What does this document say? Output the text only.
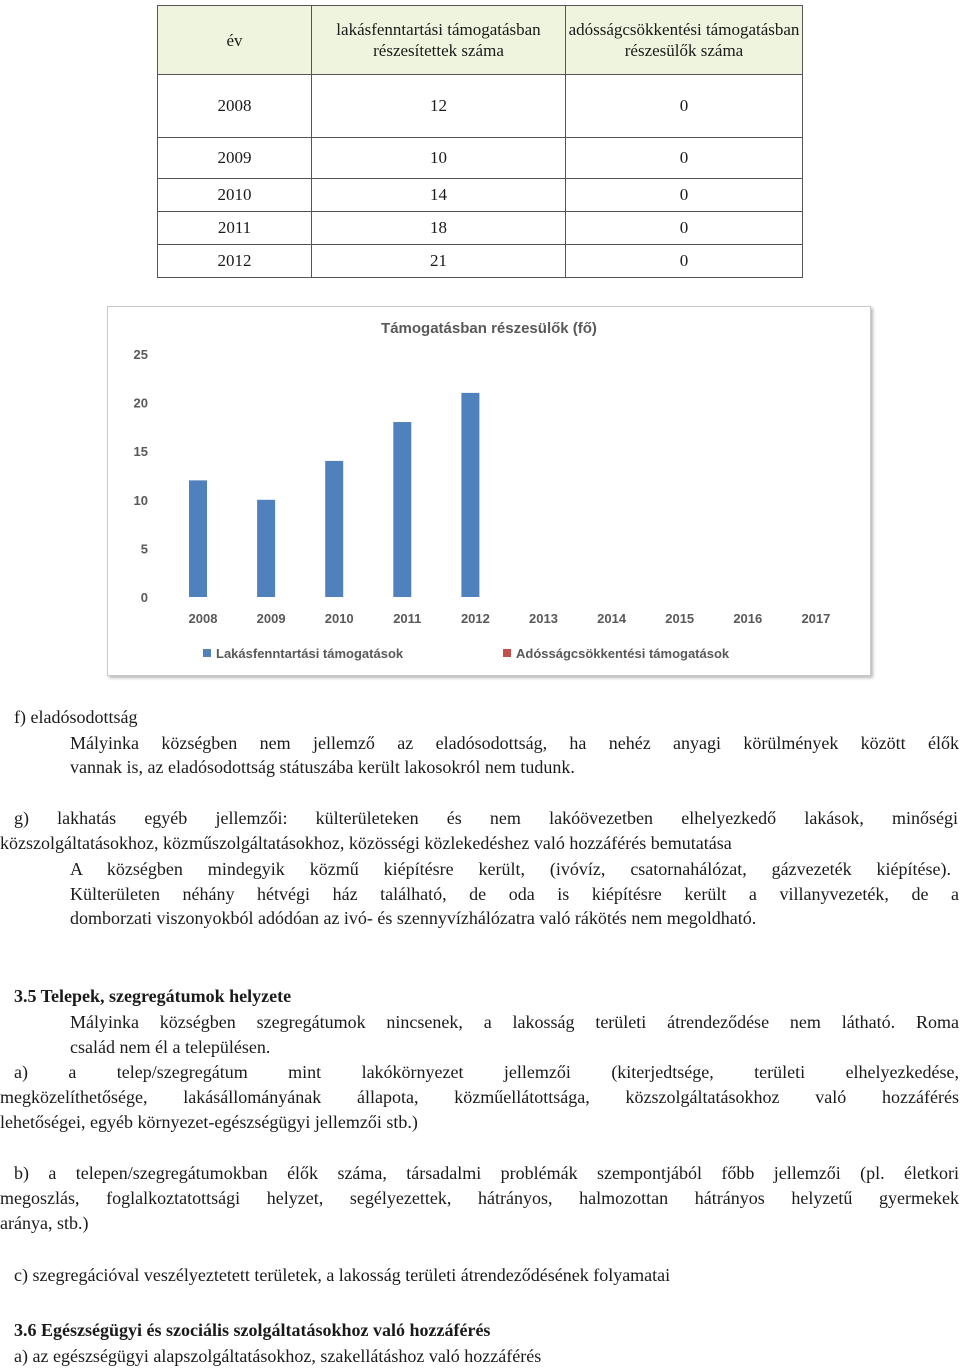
év	lakásfenntartási támogatásban részesítettek száma	adósságcsökkentési támogatásban részesülők száma
2008	12	0
2009	10	0
2010	14	0
2011	18	0
2012	21	0
Támogatásban részesülők (fő)
0
5
10
15
20
25
2008	2009	2010	2011	2012	2013	2014	2015	2016	2017
Lakásfenntartási támogatások	Adósságcsökkentési támogatások
f) eladósodottság
Mályinka községben nem jellemző az eladósodottság, ha nehéz anyagi körülmények között élők
vannak is, az eladósodottság státuszába került lakosokról nem tudunk.
g) lakhatás egyéb jellemzői: külterületeken és nem lakóövezetben elhelyezkedő lakások, minőségi
közszolgáltatásokhoz, közműszolgáltatásokhoz, közösségi közlekedéshez való hozzáférés bemutatása
A községben mindegyik közmű kiépítésre került, (ivóvíz, csatornahálózat, gázvezeték kiépítése).
Külterületen néhány hétvégi ház található, de oda is kiépítésre került a villanyvezeték, de a
domborzati viszonyokból adódóan az ivó- és szennyvízhálózatra való rákötés nem megoldható.
3.5 Telepek, szegregátumok helyzete
Mályinka községben szegregátumok nincsenek, a lakosság területi átrendeződése nem látható. Roma
család nem él a településen.
a) a telep/szegregátum mint lakókörnyezet jellemzői (kiterjedtsége, területi elhelyezkedése,
megközelíthetősége, lakásállományának állapota, közműellátottsága, közszolgáltatásokhoz való hozzáférés
lehetőségei, egyéb környezet-egészségügyi jellemzői stb.)
b) a telepen/szegregátumokban élők száma, társadalmi problémák szempontjából főbb jellemzői (pl. életkori
megoszlás, foglalkoztatottsági helyzet, segélyezettek, hátrányos, halmozottan hátrányos helyzetű gyermekek
aránya, stb.)
c) szegregációval veszélyeztetett területek, a lakosság területi átrendeződésének folyamatai
3.6 Egészségügyi és szociális szolgáltatásokhoz való hozzáférés
a) az egészségügyi alapszolgáltatásokhoz, szakellátáshoz való hozzáférés
